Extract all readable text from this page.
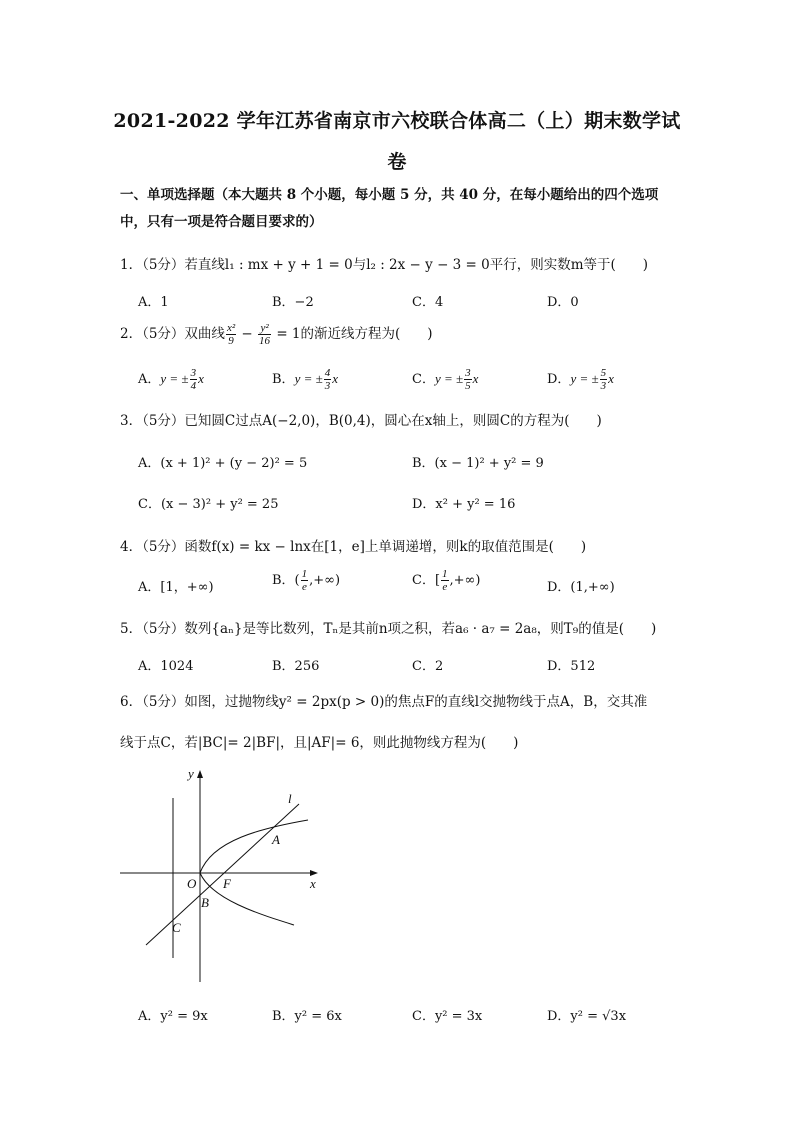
2021-2022 学年江苏省南京市六校联合体高二（上）期末数学试
卷
一、单项选择题（本大题共 8 个小题，每小题 5 分，共 40 分，在每小题给出的四个选项中，只有一项是符合题目要求的）
1．（5分）若直线l₁ : mx + y + 1 = 0与l₂ : 2x − y − 3 = 0平行，则实数m等于(　　)
A．1	B．−2	C．4	D．0
2．（5分）双曲线 $\frac{\text{x²}}{9} - \frac{\text{y²}}{16} = 1$的渐近线方程为(　　)
A．y = ± $\frac{3}{4}$ x	B．y = ± $\frac{4}{3}$ x	C．y = ± $\frac{3}{5}$ x	D．y = ± $\frac{5}{3}$ x
3．（5分）已知圆C过点A(−2,0)，B(0,4)，圆心在x轴上，则圆C的方程为(　　)
A．(x + 1)² + (y − 2)² = 5	B．(x − 1)² + y² = 9
C．(x − 3)² + y² = 25	D．x² + y² = 16
4．（5分）函数f(x) = kx − lnx在[1，e]上单调递增，则k的取值范围是(　　)
A．[1，+∞)	B．( $\frac{1}{e}$ ,+∞)	C．[ $\frac{1}{e}$ ,+∞)	D．(1,+∞)
5．（5分）数列{aₙ}是等比数列，Tₙ是其前n项之积，若a₆ · a₇ = 2a₈，则T₉的值是(　　)
A．1024	B．256	C．2	D．512
6．（5分）如图，过抛物线y² = 2px(p > 0)的焦点F的直线l交抛物线于点A，B，交其准
线于点C，若|BC|= 2|BF|，且|AF|= 6，则此抛物线方程为(　　)
y
x
O F
A
B
C
l
A．y² = 9x	B．y² = 6x	C．y² = 3x	D．y² = √3x
